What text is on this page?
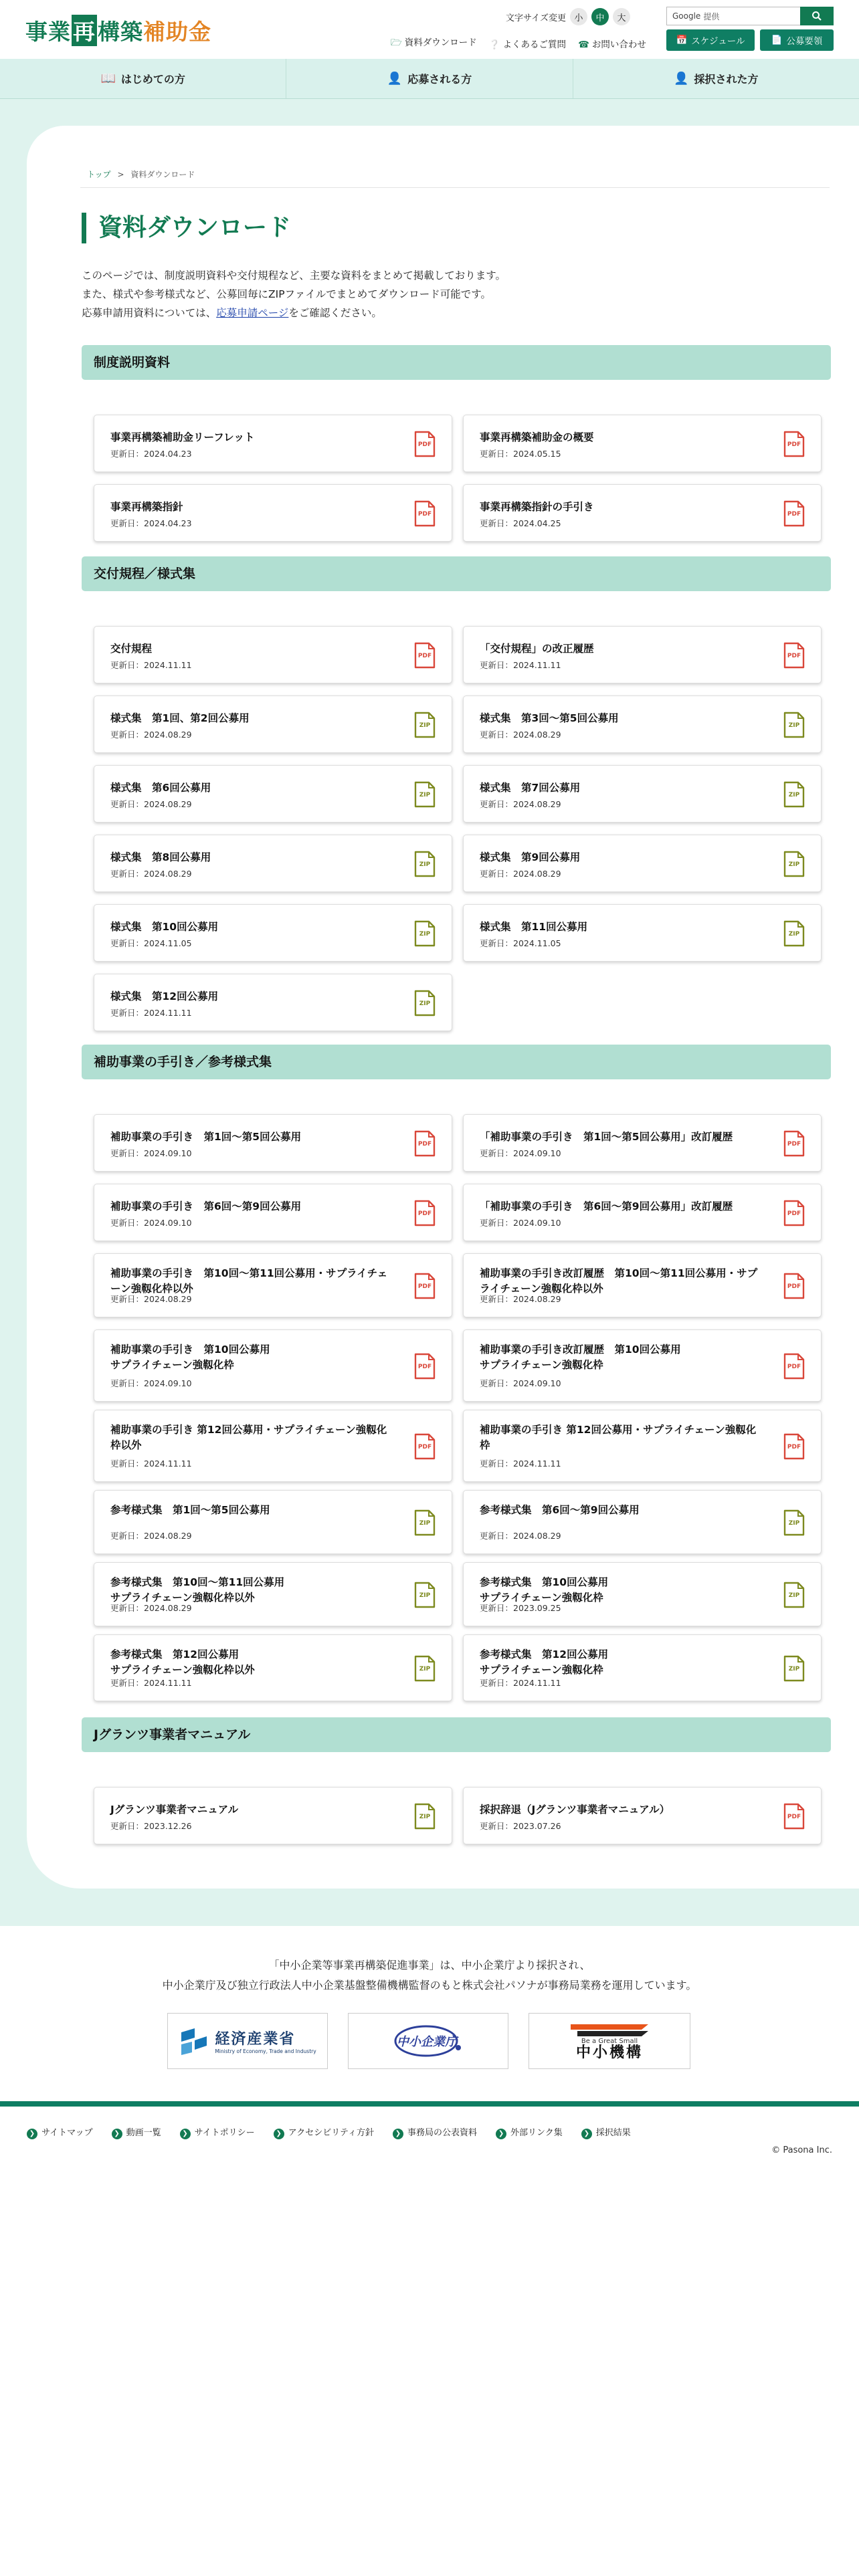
事業再構築補助金
文字サイズ変更 小	中	大	Google 提供
🗁 資料ダウンロード ❔ よくあるご質問 ☎ お問い合わせ	📅 スケジュール	📄 公募要領
📖 はじめての方	👤 応募される方	👤 採択された方
トップ > 資料ダウンロード
資料ダウンロード
このページでは、制度説明資料や交付規程など、主要な資料をまとめて掲載しております。
また、様式や参考様式など、公募回毎にZIPファイルでまとめてダウンロード可能です。
応募申請用資料については、応募申請ページをご確認ください。
制度説明資料
事業再構築補助金リーフレット
更新日：2024.04.23
PDF
事業再構築補助金の概要
更新日：2024.05.15
PDF
事業再構築指針
更新日：2024.04.23
PDF
事業再構築指針の手引き
更新日：2024.04.25
PDF
交付規程／様式集
交付規程
更新日：2024.11.11
PDF
「交付規程」の改正履歴
更新日：2024.11.11
PDF
様式集　第1回、第2回公募用
更新日：2024.08.29
ZIP
様式集　第3回～第5回公募用
更新日：2024.08.29
ZIP
様式集　第6回公募用
更新日：2024.08.29
ZIP
様式集　第7回公募用
更新日：2024.08.29
ZIP
様式集　第8回公募用
更新日：2024.08.29
ZIP
様式集　第9回公募用
更新日：2024.08.29
ZIP
様式集　第10回公募用
更新日：2024.11.05
ZIP
様式集　第11回公募用
更新日：2024.11.05
ZIP
様式集　第12回公募用
更新日：2024.11.11
ZIP
補助事業の手引き／参考様式集
補助事業の手引き　第1回～第5回公募用
更新日：2024.09.10
PDF
「補助事業の手引き　第1回～第5回公募用」改訂履歴
更新日：2024.09.10
PDF
補助事業の手引き　第6回～第9回公募用
更新日：2024.09.10
PDF
「補助事業の手引き　第6回～第9回公募用」改訂履歴
更新日：2024.09.10
PDF
補助事業の手引き　第10回～第11回公募用・サプライチェーン強靱化枠以外
更新日：2024.08.29
PDF
補助事業の手引き改訂履歴　第10回～第11回公募用・サプライチェーン強靱化枠以外
更新日：2024.08.29
PDF
補助事業の手引き　第10回公募用
サプライチェーン強靱化枠
更新日：2024.09.10
PDF
補助事業の手引き改訂履歴　第10回公募用
サプライチェーン強靱化枠
更新日：2024.09.10
PDF
補助事業の手引き 第12回公募用・サプライチェーン強靱化枠以外
更新日：2024.11.11
PDF
補助事業の手引き 第12回公募用・サプライチェーン強靱化枠
更新日：2024.11.11
PDF
参考様式集　第1回～第5回公募用
更新日：2024.08.29
ZIP
参考様式集　第6回～第9回公募用
更新日：2024.08.29
ZIP
参考様式集　第10回～第11回公募用
サプライチェーン強靱化枠以外
更新日：2024.08.29
ZIP
参考様式集　第10回公募用
サプライチェーン強靱化枠
更新日：2023.09.25
ZIP
参考様式集　第12回公募用
サプライチェーン強靱化枠以外
更新日：2024.11.11
ZIP
参考様式集　第12回公募用
サプライチェーン強靱化枠
更新日：2024.11.11
ZIP
Jグランツ事業者マニュアル
Jグランツ事業者マニュアル
更新日：2023.12.26
ZIP
採択辞退（Jグランツ事業者マニュアル）
更新日：2023.07.26
PDF
「中小企業等事業再構築促進事業」は、中小企業庁より採択され、
中小企業庁及び独立行政法人中小企業基盤整備機構監督のもと株式会社パソナが事務局業務を運用しています。
経済産業省
Ministry of Economy, Trade and Industry
中小企業庁	Be a Great Small
中小機構
❯ サイトマップ	❯ 動画一覧	❯ サイトポリシー	❯ アクセシビリティ方針	❯ 事務局の公表資料	❯ 外部リンク集	❯ 採択結果
© Pasona Inc.
